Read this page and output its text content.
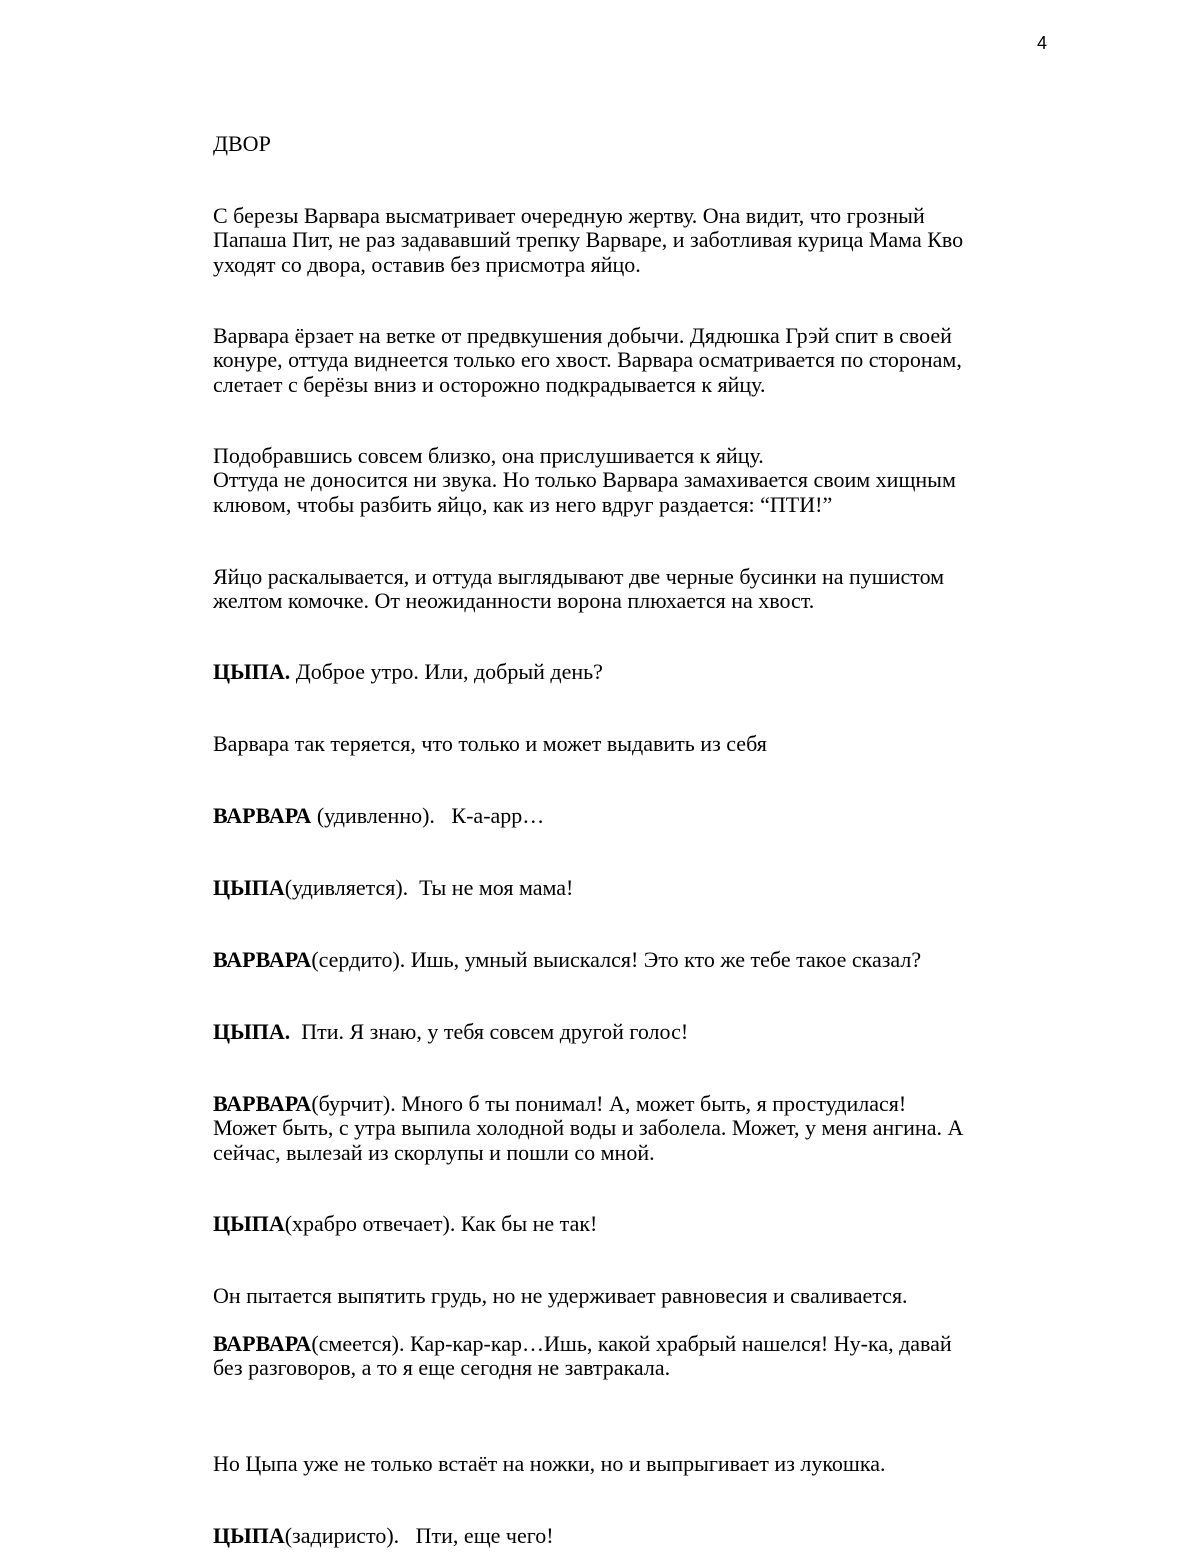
4
ДВОР
С березы Варвара высматривает очередную жертву. Она видит, что грозный
Папаша Пит, не раз задававший трепку Варваре, и заботливая курица Мама Кво
уходят со двора, оставив без присмотра яйцо.
Варвара ёрзает на ветке от предвкушения добычи. Дядюшка Грэй спит в своей
конуре, оттуда виднеется только его хвост. Варвара осматривается по сторонам,
слетает с берёзы вниз и осторожно подкрадывается к яйцу.
Подобравшись совсем близко, она прислушивается к яйцу.
Оттуда не доносится ни звука. Но только Варвара замахивается своим хищным
клювом, чтобы разбить яйцо, как из него вдруг раздается: “ПТИ!”
Яйцо раскалывается, и оттуда выглядывают две черные бусинки на пушистом
желтом комочке. От неожиданности ворона плюхается на хвост.
ЦЫПА. Доброе утро. Или, добрый день?
Варвара так теряется, что только и может выдавить из себя
ВАРВАРА (удивленно).   К-а-арр…
ЦЫПА(удивляется).  Ты не моя мама!
ВАРВАРА(сердито). Ишь, умный выискался! Это кто же тебе такое сказал?
ЦЫПА.  Пти. Я знаю, у тебя совсем другой голос!
ВАРВАРА(бурчит). Много б ты понимал! А, может быть, я простудилася!
Может быть, с утра выпила холодной воды и заболела. Может, у меня ангина. А
сейчас, вылезай из скорлупы и пошли со мной.
ЦЫПА(храбро отвечает). Как бы не так!
Он пытается выпятить грудь, но не удерживает равновесия и сваливается.
ВАРВАРА(смеется). Кар-кар-кар…Ишь, какой храбрый нашелся! Ну-ка, давай
без разговоров, а то я еще сегодня не завтракала.
Но Цыпа уже не только встаёт на ножки, но и выпрыгивает из лукошка.
ЦЫПА(задиристо).   Пти, еще чего!
